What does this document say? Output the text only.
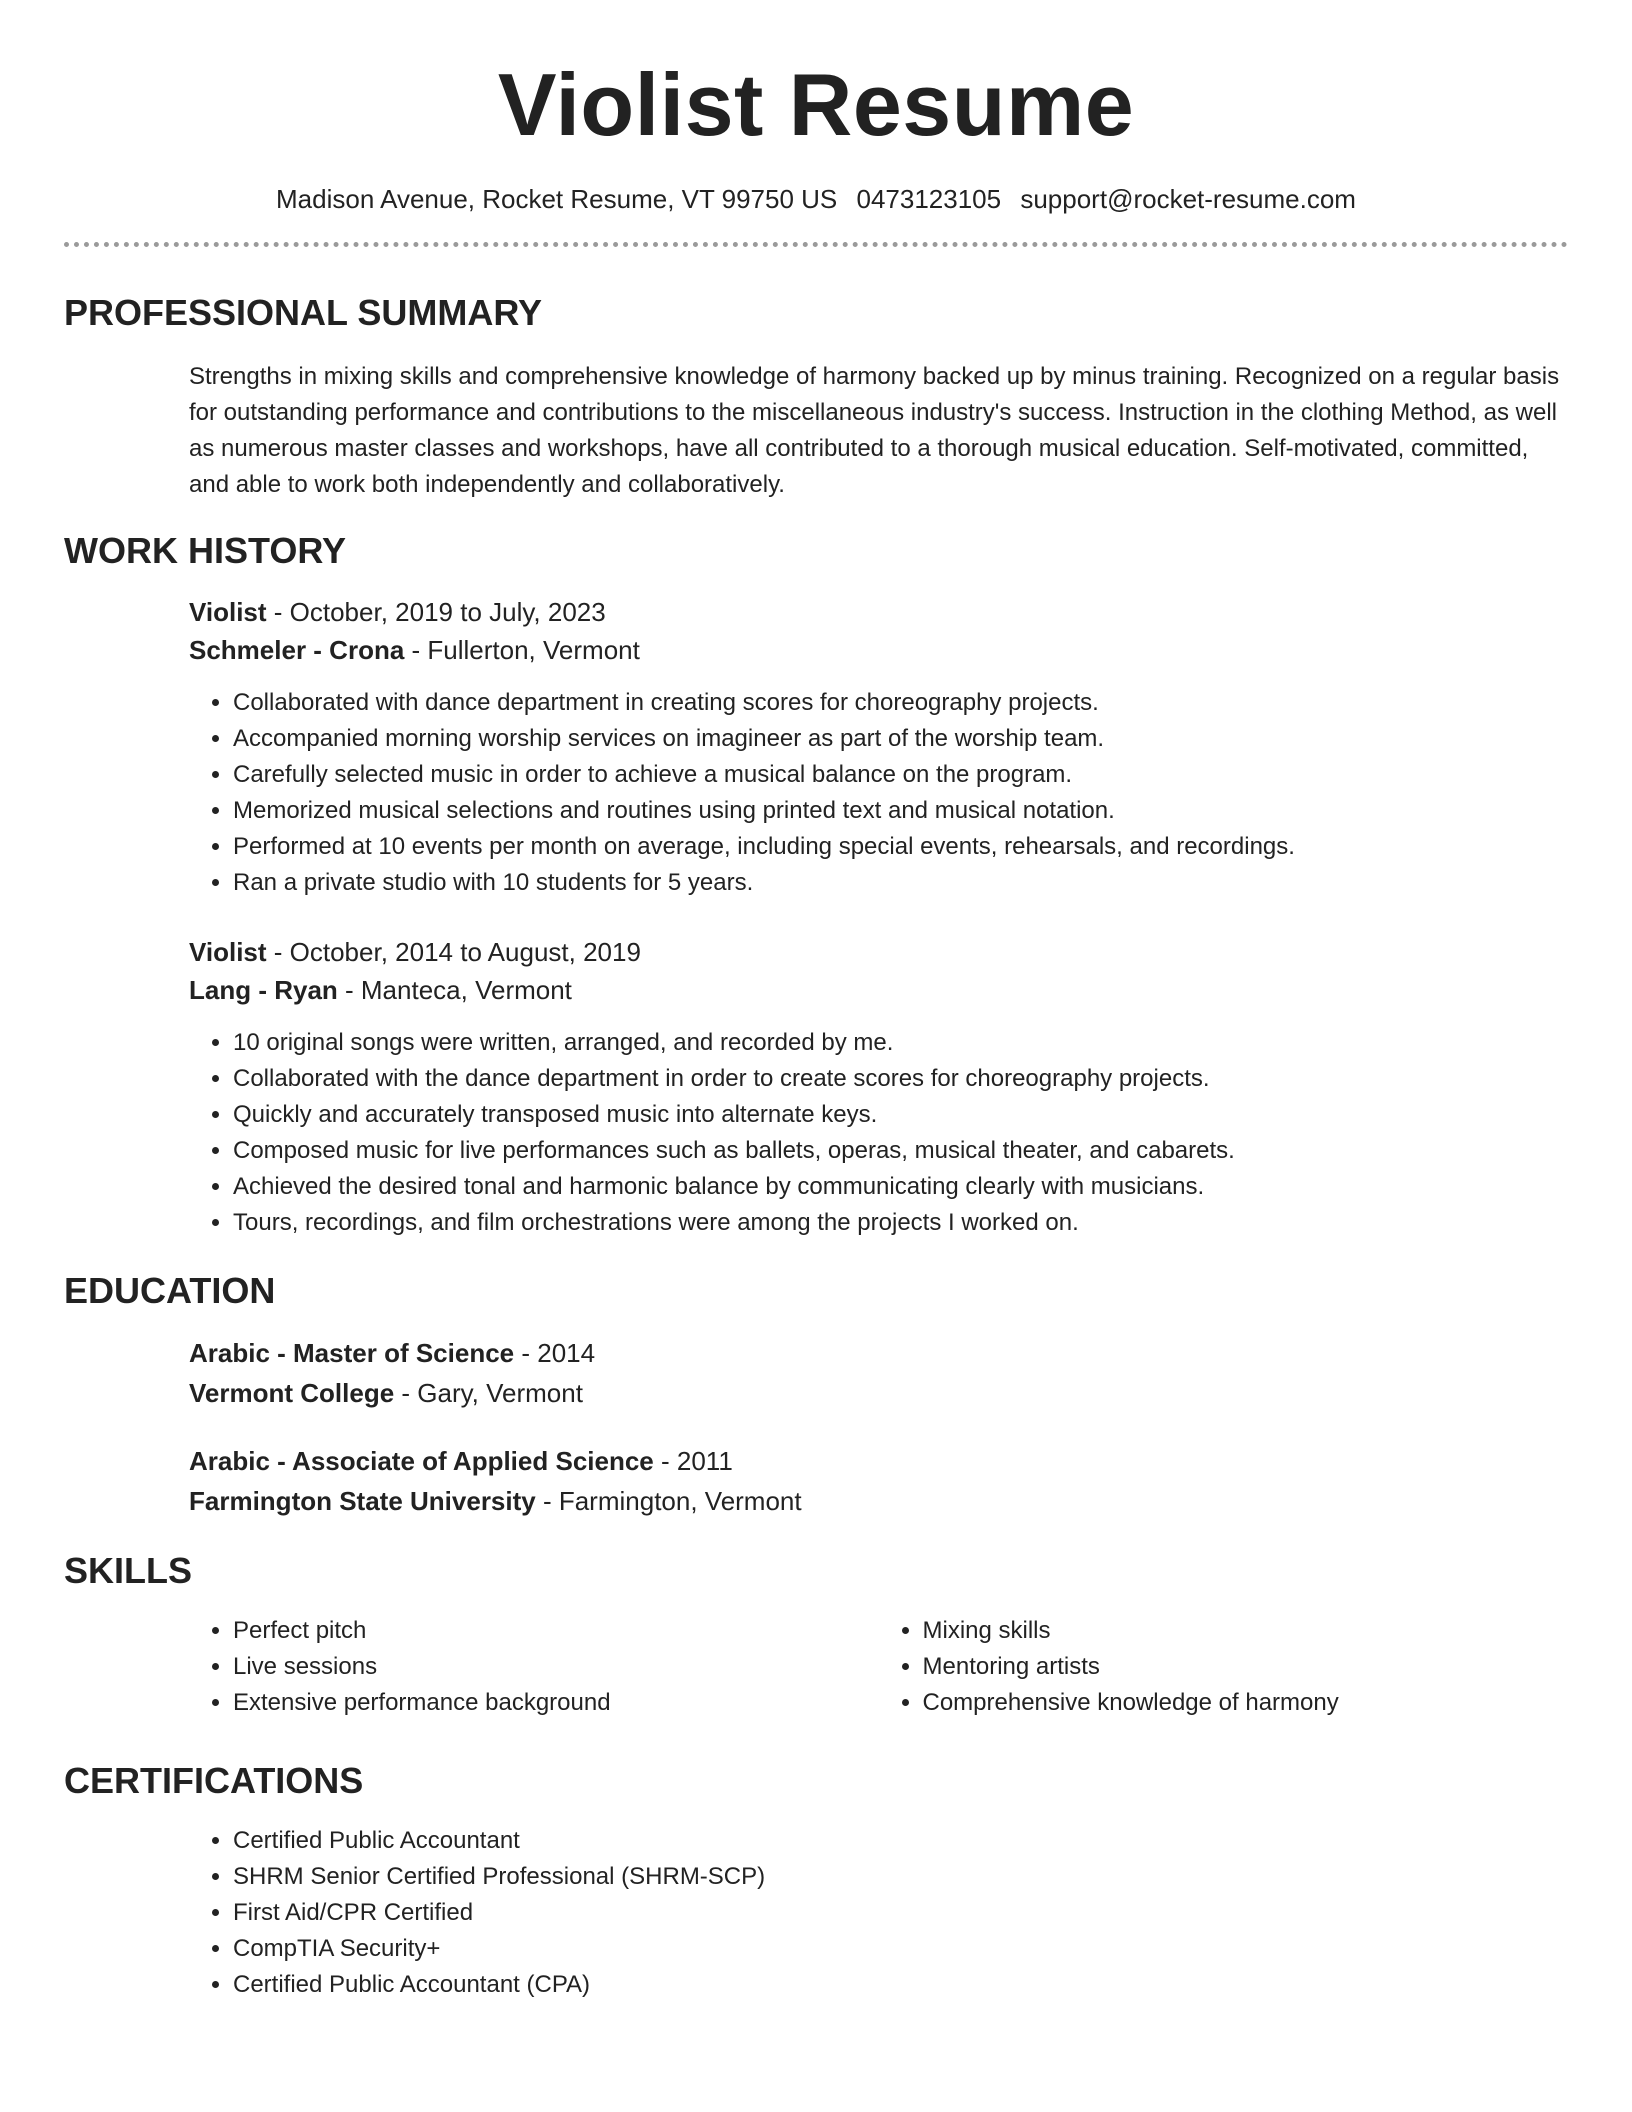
Violist Resume
Madison Avenue, Rocket Resume, VT 99750 US 0473123105 support@rocket-resume.com
PROFESSIONAL SUMMARY

Strengths in mixing skills and comprehensive knowledge of harmony backed up by minus training. Recognized on a regular basis for outstanding performance and contributions to the miscellaneous industry's success. Instruction in the clothing Method, as well as numerous master classes and workshops, have all contributed to a thorough musical education. Self-motivated, committed, and able to work both independently and collaboratively.

WORK HISTORY

Violist - October, 2019 to July, 2023

Schmeler - Crona - Fullerton, Vermont

• Collaborated with dance department in creating scores for choreography projects.
• Accompanied morning worship services on imagineer as part of the worship team.
• Carefully selected music in order to achieve a musical balance on the program.
• Memorized musical selections and routines using printed text and musical notation.
• Performed at 10 events per month on average, including special events, rehearsals, and recordings.
• Ran a private studio with 10 students for 5 years.

Violist - October, 2014 to August, 2019

Lang - Ryan - Manteca, Vermont

• 10 original songs were written, arranged, and recorded by me.
• Collaborated with the dance department in order to create scores for choreography projects.
• Quickly and accurately transposed music into alternate keys.
• Composed music for live performances such as ballets, operas, musical theater, and cabarets.
• Achieved the desired tonal and harmonic balance by communicating clearly with musicians.
• Tours, recordings, and film orchestrations were among the projects I worked on.
EDUCATION

Arabic - Master of Science - 2014

Vermont College - Gary, Vermont

Arabic - Associate of Applied Science - 2011

Farmington State University - Farmington, Vermont

SKILLS
• Perfect pitch
• Live sessions
• Extensive performance background
• Mixing skills
• Mentoring artists
• Comprehensive knowledge of harmony
CERTIFICATIONS
• Certified Public Accountant
• SHRM Senior Certified Professional (SHRM-SCP)
• First Aid/CPR Certified
• CompTIA Security+
• Certified Public Accountant (CPA)
